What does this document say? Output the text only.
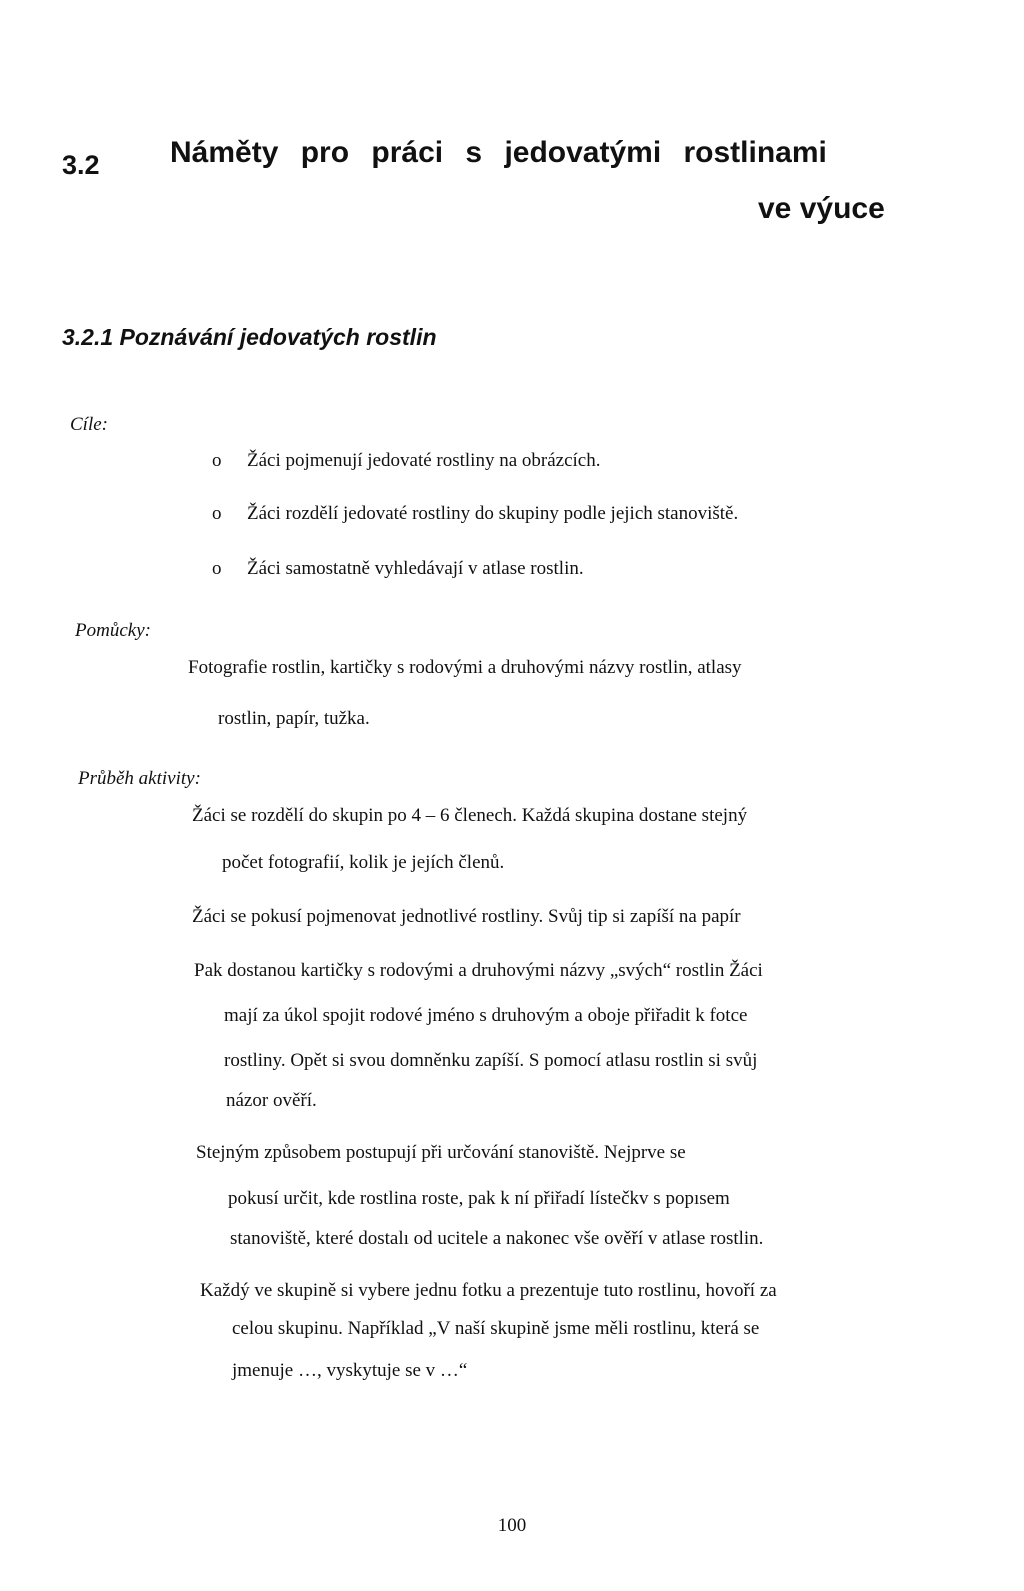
3.2 Náměty pro práci s jedovatými rostlinami
ve výuce
3.2.1 Poznávání jedovatých rostlin
Cíle:
o Žáci pojmenují jedovaté rostliny na obrázcích.
o Žáci rozdělí jedovaté rostliny do skupiny podle jejich stanoviště.
o Žáci samostatně vyhledávají v atlase rostlin.
Pomůcky:
Fotografie rostlin, kartičky s rodovými a druhovými názvy rostlin, atlasy
rostlin, papír, tužka.
Průběh aktivity:
Žáci se rozdělí do skupin po 4 – 6 členech. Každá skupina dostane stejný
počet fotografií, kolik je jejích členů.
Žáci se pokusí pojmenovat jednotlivé rostliny. Svůj tip si zapíší na papír
Pak dostanou kartičky s rodovými a druhovými názvy „svých“ rostlin Žáci
mají za úkol spojit rodové jméno s druhovým a oboje přiřadit k fotce
rostliny. Opět si svou domněnku zapíší. S pomocí atlasu rostlin si svůj
názor ověří.
Stejným způsobem postupují při určování stanoviště. Nejprve se
pokusí určit, kde rostlina roste, pak k ní přiřadí lístečkv s popısem
stanoviště, které dostalı od ucitele a nakonec vše ověří v atlase rostlin.
Každý ve skupině si vybere jednu fotku a prezentuje tuto rostlinu, hovoří za
celou skupinu. Například „V naší skupině jsme měli rostlinu, která se
jmenuje …, vyskytuje se v …“
100
